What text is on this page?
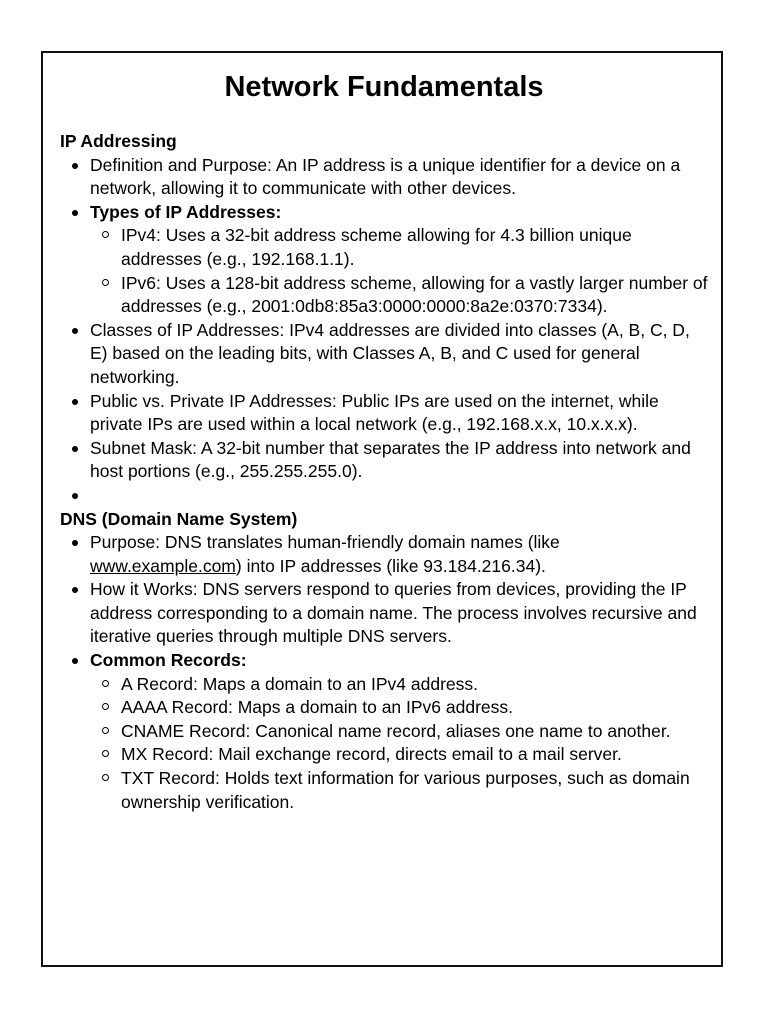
Network Fundamentals

IP Addressing

Definition and Purpose: An IP address is a unique identifier for a device on a network, allowing it to communicate with other devices.
Types of IP Addresses:
IPv4: Uses a 32-bit address scheme allowing for 4.3 billion unique addresses (e.g., 192.168.1.1).
IPv6: Uses a 128-bit address scheme, allowing for a vastly larger number of addresses (e.g., 2001:0db8:85a3:0000:0000:8a2e:0370:7334).
Classes of IP Addresses: IPv4 addresses are divided into classes (A, B, C, D, E) based on the leading bits, with Classes A, B, and C used for general networking.
Public vs. Private IP Addresses: Public IPs are used on the internet, while private IPs are used within a local network (e.g., 192.168.x.x, 10.x.x.x).
Subnet Mask: A 32-bit number that separates the IP address into network and host portions (e.g., 255.255.255.0).

DNS (Domain Name System)

Purpose: DNS translates human-friendly domain names (like www.example.com) into IP addresses (like 93.184.216.34).
How it Works: DNS servers respond to queries from devices, providing the IP address corresponding to a domain name. The process involves recursive and iterative queries through multiple DNS servers.
Common Records:
A Record: Maps a domain to an IPv4 address.
AAAA Record: Maps a domain to an IPv6 address.
CNAME Record: Canonical name record, aliases one name to another.
MX Record: Mail exchange record, directs email to a mail server.
TXT Record: Holds text information for various purposes, such as domain ownership verification.
